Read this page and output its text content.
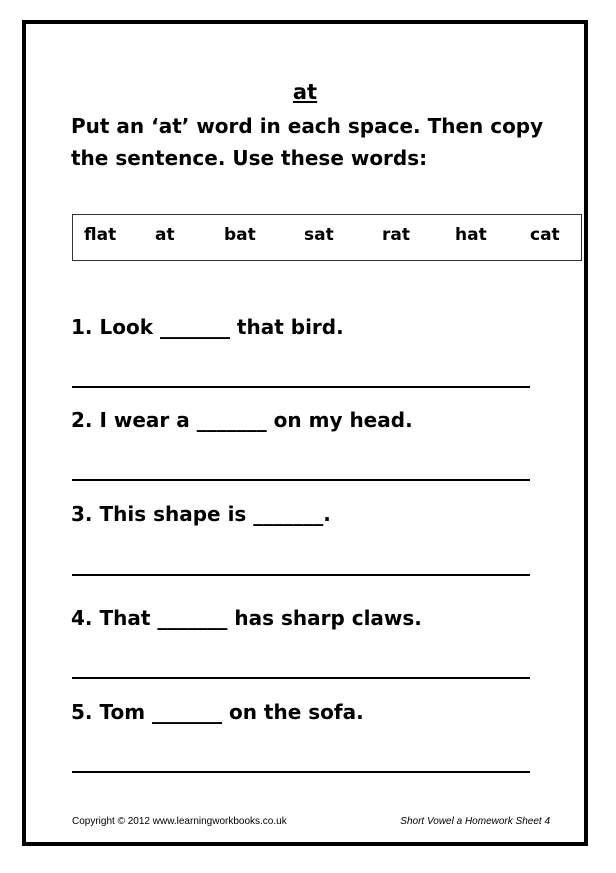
at
Put an ‘at’ word in each space. Then copy the sentence. Use these words:
flat at	bat	sat	rat	hat	cat
1. Look _______ that bird.
2. I wear a _______ on my head.
3. This shape is _______.
4. That _______ has sharp claws.
5. Tom _______ on the sofa.
Copyright © 2012 www.learningworkbooks.co.uk	Short Vowel a Homework Sheet 4
